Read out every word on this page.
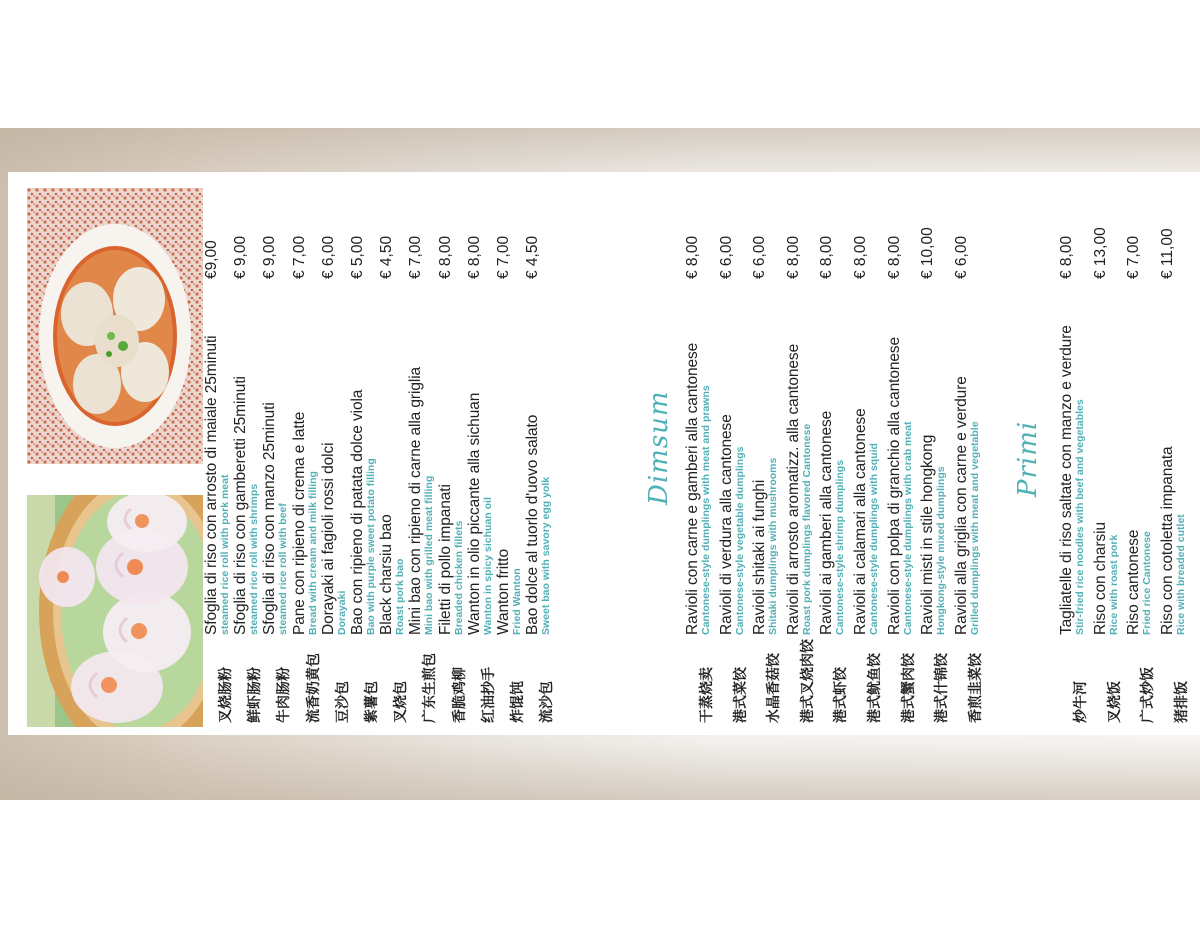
叉烧肠粉
Sfoglia di riso con arrosto di maiale 25minuti steamed rice roll with pork meat
€9,00
鲜虾肠粉
Sfoglia di riso con gamberetti 25minuti steamed rice roll with shrimps
€ 9,00
牛肉肠粉
Sfoglia di riso con manzo 25minuti steamed rice roll with beef
€ 9,00
流香奶黄包
Pane con ripieno di crema e latte Bread with cream and milk filling
€ 7,00
豆沙包
Dorayaki ai fagioli rossi dolci Dorayaki
€ 6,00
紫薯包
Bao con ripieno di patata dolce viola Bao with purple sweet potato filling
€ 5,00
叉烧包
Black charsiu bao Roast pork bao
€ 4,50
广东生煎包
Mini bao con ripieno di carne alla griglia Mini bao with grilled meat filling
€ 7,00
香脆鸡柳
Filetti di pollo impanati Breaded chicken fillets
€ 8,00
红油抄手
Wanton in olio piccante alla sichuan Wanton in spicy sichuan oil
€ 8,00
炸馄饨
Wanton fritto Fried Wanton
€ 7,00
流沙包
Bao dolce al tuorlo d'uovo salato Sweet bao with savory egg yolk
€ 4,50
Dimsum
干蒸烧卖
Ravioli con carne e gamberi alla cantonese Cantonese-style dumplings with meat and prawns
€ 8,00
港式菜饺
Ravioli di verdura alla cantonese Cantonese-style vegetable dumplings
€ 6,00
水晶香菇饺
Ravioli shitaki ai funghi Shitaki dumplings with mushrooms
€ 6,00
港式叉烧肉饺
Ravioli di arrosto aromatizz. alla cantonese Roast pork dumplings flavored Cantonese
€ 8,00
港式虾饺
Ravioli ai gamberi alla cantonese Cantonese-style shrimp dumplings
€ 8,00
港式鱿鱼饺
Ravioli ai calamari alla cantonese Cantonese-style dumplings with squid
€ 8,00
港式蟹肉饺
Ravioli con polpa di granchio alla cantonese Cantonese-style dumplings with crab meat
€ 8,00
港式什锦饺
Ravioli misti in stile hongkong Hongkong-style mixed dumplings
€ 10,00
香煎韭菜饺
Ravioli alla griglia con carne e verdure Grilled dumplings with meat and vegetable
€ 6,00
Primi
炒牛河
Tagliatelle di riso saltate con manzo e verdure Stir-fried rice noodles with beef and vegetables
€ 8,00
叉烧饭
Riso con charsiu Rice with roast pork
€ 13,00
广式炒饭
Riso cantonese Fried rice Cantonese
€ 7,00
猪排饭
Riso con cotoletta impanata Rice with breaded cutlet
€ 11,00
